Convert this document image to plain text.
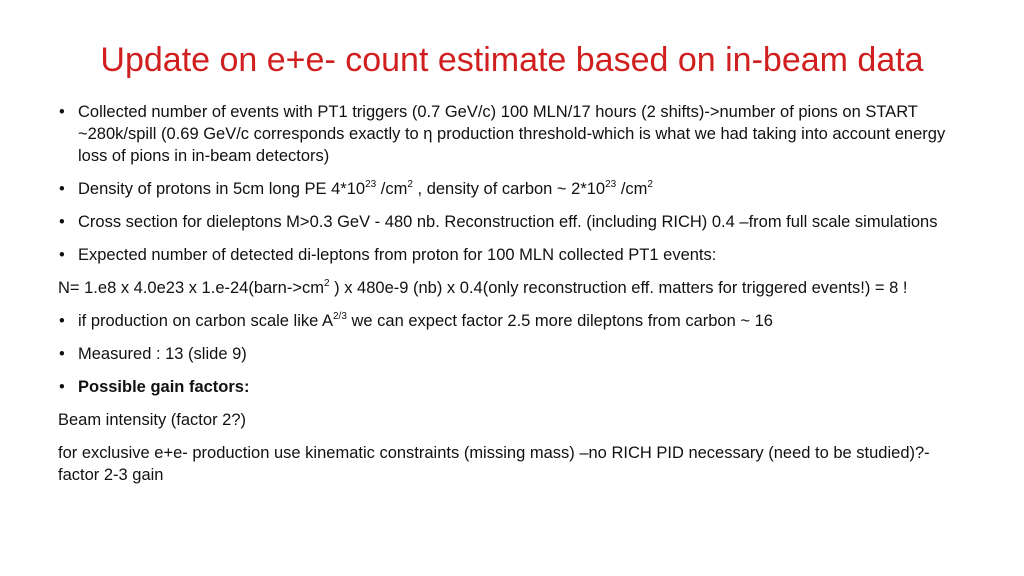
Update on e+e- count estimate based on in-beam data
• Collected number of events with PT1 triggers (0.7 GeV/c) 100 MLN/17 hours (2 shifts)->number of pions on START ~280k/spill (0.69 GeV/c corresponds exactly to η production threshold-which is what we had taking into account energy loss of pions in in-beam detectors)
• Density of protons in 5cm long PE $4*10^{23}$ $/cm^2$ , density of carbon ~ $2*10^{23}$ $/cm^2$
• Cross section for dieleptons M>0.3 GeV - 480 nb. Reconstruction eff. (including RICH) 0.4 –from full scale simulations
• Expected number of detected di-leptons from proton for 100 MLN collected PT1 events:
N= 1.e8 x 4.0e23 x $1.e-24(barn->cm^2$ ) x 480e-9 (nb) x 0.4(only reconstruction eff. matters for triggered events!) = 8 !
• if production on carbon scale like $A^{2/3}$ we can expect factor 2.5 more dileptons from carbon ~ 16
• Measured : 13 (slide 9)
• Possible gain factors:
Beam intensity (factor 2?)
for exclusive e+e- production use kinematic constraints (missing mass) –no RICH PID necessary (need to be studied)?- factor 2-3 gain
